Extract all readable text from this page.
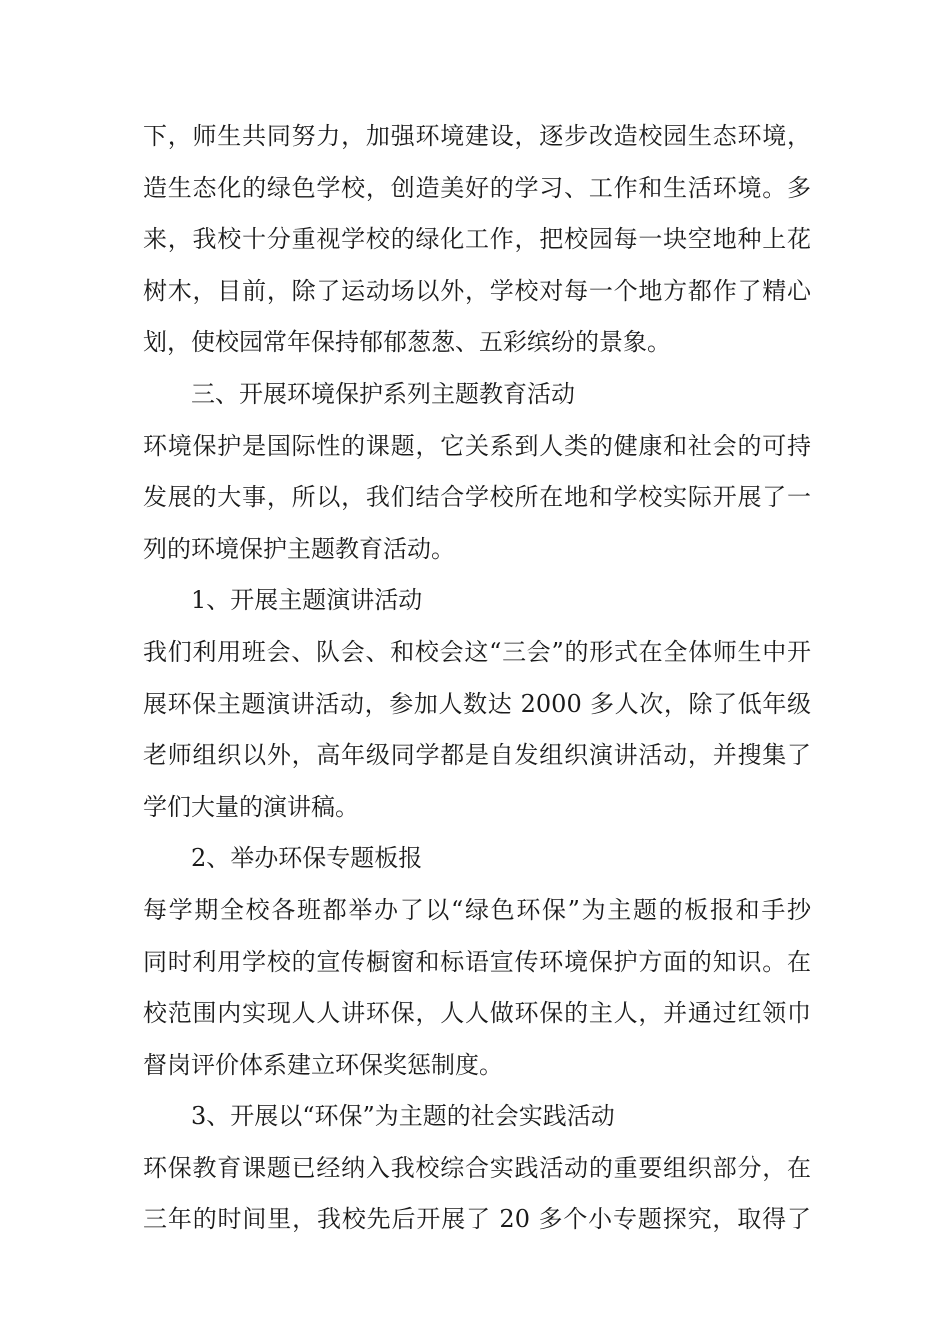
下，师生共同努力，加强环境建设，逐步改造校园生态环境，
造生态化的绿色学校，创造美好的学习、工作和生活环境。多
来，我校十分重视学校的绿化工作，把校园每一块空地种上花
树木，目前，除了运动场以外，学校对每一个地方都作了精心
划，使校园常年保持郁郁葱葱、五彩缤纷的景象。
三、开展环境保护系列主题教育活动
环境保护是国际性的课题，它关系到人类的健康和社会的可持
发展的大事，所以，我们结合学校所在地和学校实际开展了一
列的环境保护主题教育活动。
1、开展主题演讲活动
我们利用班会、队会、和校会这“三会”的形式在全体师生中开
展环保主题演讲活动，参加人数达 2000 多人次，除了低年级
老师组织以外，高年级同学都是自发组织演讲活动，并搜集了
学们大量的演讲稿。
2、举办环保专题板报
每学期全校各班都举办了以“绿色环保”为主题的板报和手抄
同时利用学校的宣传橱窗和标语宣传环境保护方面的知识。在
校范围内实现人人讲环保，人人做环保的主人，并通过红领巾
督岗评价体系建立环保奖惩制度。
3、开展以“环保”为主题的社会实践活动
环保教育课题已经纳入我校综合实践活动的重要组织部分，在
三年的时间里，我校先后开展了 20 多个小专题探究，取得了
